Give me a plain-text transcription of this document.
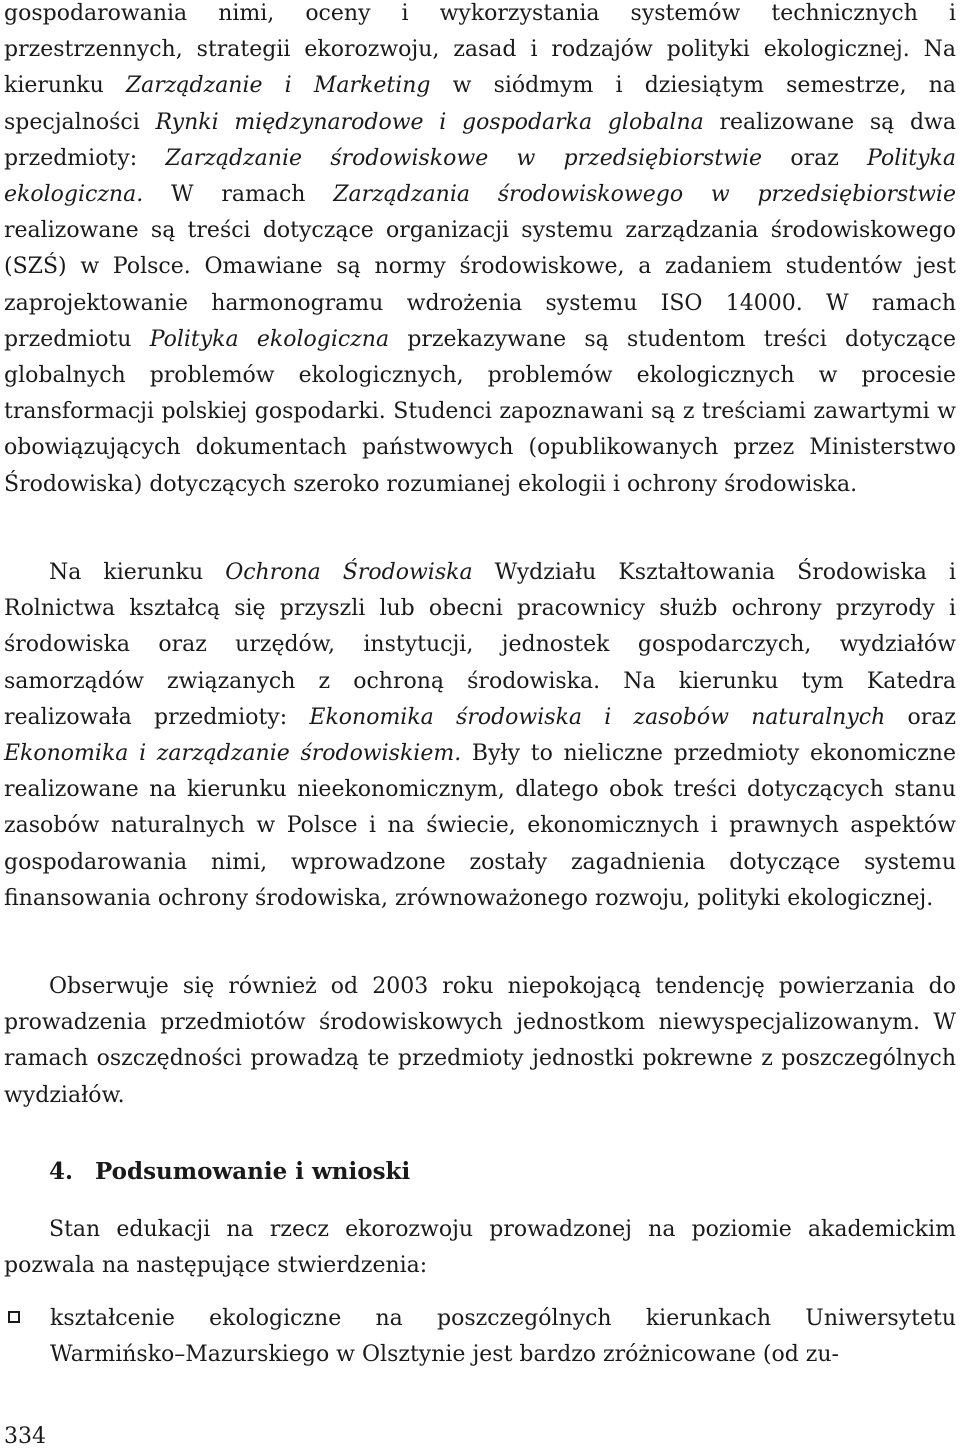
gospodarowania nimi, oceny i wykorzystania systemów technicznych i przestrzennych, strategii ekorozwoju, zasad i rodzajów polityki ekologicznej. Na kierunku Zarządzanie i Marketing w siódmym i dziesiątym semestrze, na specjalności Rynki międzynarodowe i gospodarka globalna realizowane są dwa przedmioty: Zarządzanie środowiskowe w przedsiębiorstwie oraz Polityka ekologiczna. W ramach Zarządzania środowiskowego w przedsiębiorstwie realizowane są treści dotyczące organizacji systemu zarządzania środowiskowego (SZŚ) w Polsce. Omawiane są normy środowiskowe, a zadaniem studentów jest zaprojektowanie harmonogramu wdrożenia systemu ISO 14000. W ramach przedmiotu Polityka ekologiczna przekazywane są studentom treści dotyczące globalnych problemów ekologicznych, problemów ekologicznych w procesie transformacji polskiej gospodarki. Studenci zapoznawani są z treściami zawartymi w obowiązujących dokumentach państwowych (opublikowanych przez Ministerstwo Środowiska) dotyczących szeroko rozumianej ekologii i ochrony środowiska.

Na kierunku Ochrona Środowiska Wydziału Kształtowania Środowiska i Rolnictwa kształcą się przyszli lub obecni pracownicy służb ochrony przyrody i środowiska oraz urzędów, instytucji, jednostek gospodarczych, wydziałów samorządów związanych z ochroną środowiska. Na kierunku tym Katedra realizowała przedmioty: Ekonomika środowiska i zasobów naturalnych oraz Ekonomika i zarządzanie środowiskiem. Były to nieliczne przedmioty ekonomiczne realizowane na kierunku nieekonomicznym, dlatego obok treści dotyczących stanu zasobów naturalnych w Polsce i na świecie, ekonomicznych i prawnych aspektów gospodarowania nimi, wprowadzone zostały zagadnienia dotyczące systemu finansowania ochrony środowiska, zrównoważonego rozwoju, polityki ekologicznej.

Obserwuje się również od 2003 roku niepokojącą tendencję powierzania do prowadzenia przedmiotów środowiskowych jednostkom niewyspecjalizowanym. W ramach oszczędności prowadzą te przedmioty jednostki pokrewne z poszczególnych wydziałów.

4. Podsumowanie i wnioski

Stan edukacji na rzecz ekorozwoju prowadzonej na poziomie akademickim pozwala na następujące stwierdzenia:

kształcenie ekologiczne na poszczególnych kierunkach Uniwersytetu Warmińsko–Mazurskiego w Olsztynie jest bardzo zróżnicowane (od zu-
334
